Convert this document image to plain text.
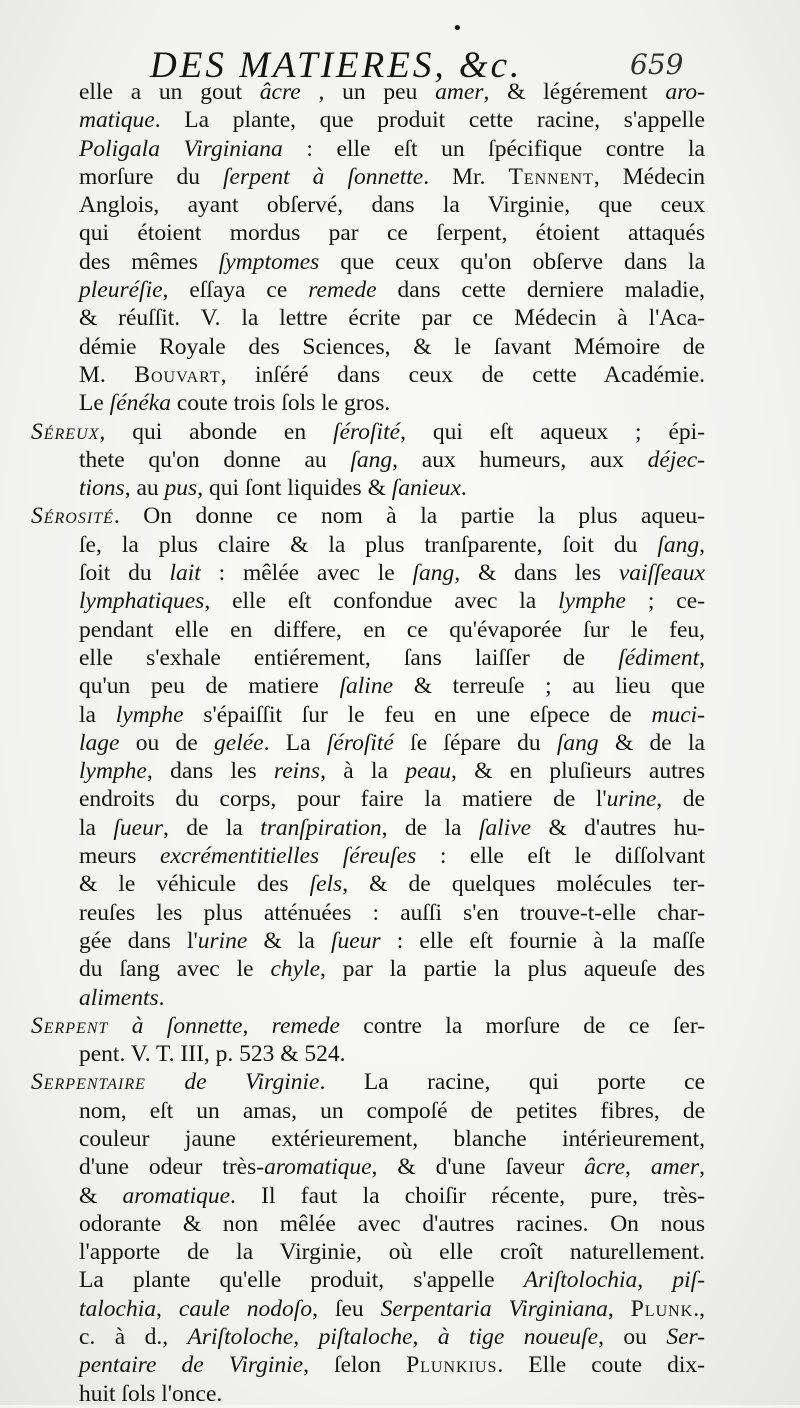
•
DES MATIERES, &c.	659
elle a un gout âcre , un peu amer, & légérement aro-
matique. La plante, que produit cette racine, s'appelle
Poligala Virginiana : elle eſt un ſpécifique contre la
morſure du ſerpent à ſonnette. Mr. Tennent, Médecin
Anglois, ayant obſervé, dans la Virginie, que ceux
qui étoient mordus par ce ſerpent, étoient attaqués
des mêmes ſymptomes que ceux qu'on obſerve dans la
pleuréſie, eſſaya ce remede dans cette derniere maladie,
& réuſſit. V. la lettre écrite par ce Médecin à l'Aca-
démie Royale des Sciences, & le ſavant Mémoire de
M. Bouvart, inſéré dans ceux de cette Académie.
Le ſénéka coute trois ſols le gros.
Séreux, qui abonde en ſéroſité, qui eſt aqueux ; épi-
thete qu'on donne au ſang, aux humeurs, aux déjec-
tions, au pus, qui ſont liquides & ſanieux.
Sérosité. On donne ce nom à la partie la plus aqueu-
ſe, la plus claire & la plus tranſparente, ſoit du ſang,
ſoit du lait : mêlée avec le ſang, & dans les vaiſſeaux
lymphatiques, elle eſt confondue avec la lymphe ; ce-
pendant elle en differe, en ce qu'évaporée ſur le feu,
elle s'exhale entiérement, ſans laiſſer de ſédiment,
qu'un peu de matiere ſaline & terreuſe ; au lieu que
la lymphe s'épaiſſit ſur le feu en une eſpece de muci-
lage ou de gelée. La ſéroſité ſe ſépare du ſang & de la
lymphe, dans les reins, à la peau, & en pluſieurs autres
endroits du corps, pour faire la matiere de l'urine, de
la ſueur, de la tranſpiration, de la ſalive & d'autres hu-
meurs excrémentitielles ſéreuſes : elle eſt le diſſolvant
& le véhicule des ſels, & de quelques molécules ter-
reuſes les plus atténuées : auſſi s'en trouve-t-elle char-
gée dans l'urine & la ſueur : elle eſt fournie à la maſſe
du ſang avec le chyle, par la partie la plus aqueuſe des
aliments.
Serpent à ſonnette, remede contre la morſure de ce ſer-
pent. V. T. III, p. 523 & 524.
Serpentaire de Virginie. La racine, qui porte ce
nom, eſt un amas, un compoſé de petites fibres, de
couleur jaune extérieurement, blanche intérieurement,
d'une odeur très-aromatique, & d'une ſaveur âcre, amer,
& aromatique. Il faut la choiſir récente, pure, très-
odorante & non mêlée avec d'autres racines. On nous
l'apporte de la Virginie, où elle croît naturellement.
La plante qu'elle produit, s'appelle Ariſtolochia, piſ-
talochia, caule nodoſo, ſeu Serpentaria Virginiana, Plunk.,
c. à d., Ariſtoloche, piſtaloche, à tige noueuſe, ou Ser-
pentaire de Virginie, ſelon Plunkius. Elle coute dix-
huit ſols l'once.
